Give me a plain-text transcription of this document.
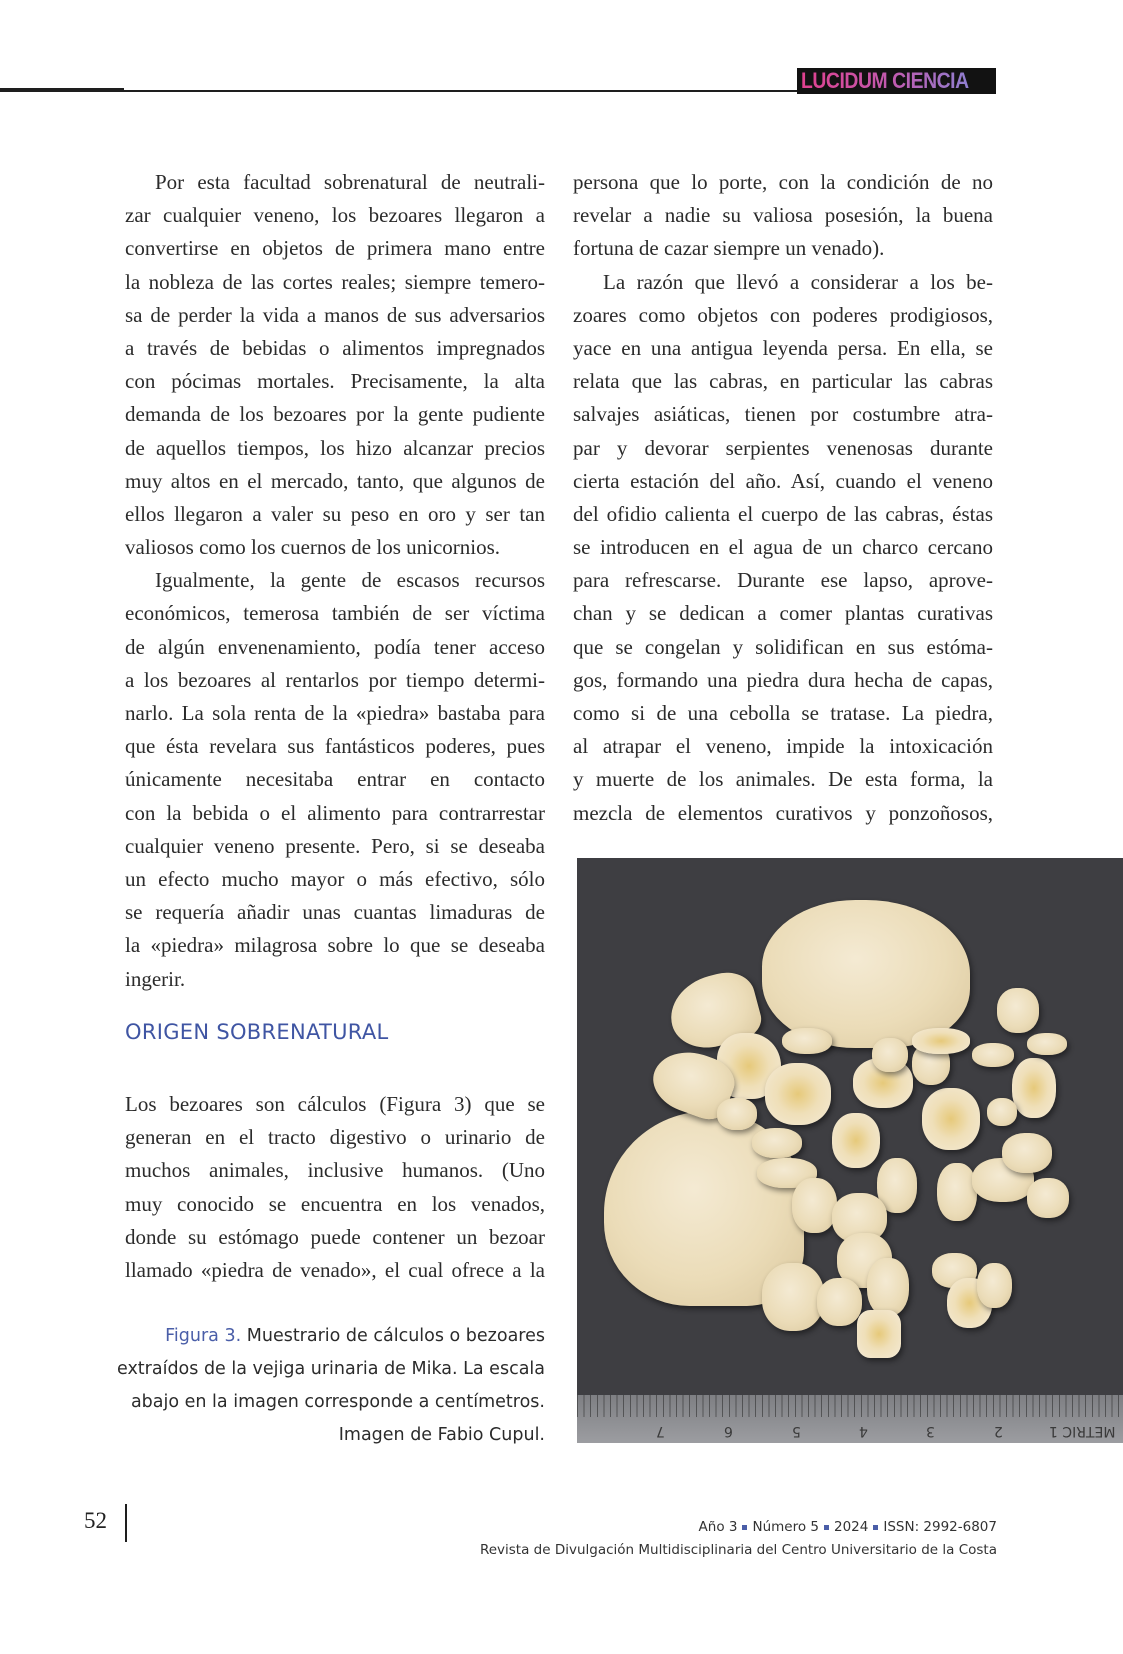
LUCIDUM CIENCIA
Por esta facultad sobrenatural de neutrali-
zar cualquier veneno, los bezoares llegaron a
convertirse en objetos de primera mano entre
la nobleza de las cortes reales; siempre temero-
sa de perder la vida a manos de sus adversarios
a través de bebidas o alimentos impregnados
con pócimas mortales. Precisamente, la alta
demanda de los bezoares por la gente pudiente
de aquellos tiempos, los hizo alcanzar precios
muy altos en el mercado, tanto, que algunos de
ellos llegaron a valer su peso en oro y ser tan
valiosos como los cuernos de los unicornios.
Igualmente, la gente de escasos recursos
económicos, temerosa también de ser víctima
de algún envenenamiento, podía tener acceso
a los bezoares al rentarlos por tiempo determi-
narlo. La sola renta de la «piedra» bastaba para
que ésta revelara sus fantásticos poderes, pues
únicamente necesitaba entrar en contacto
con la bebida o el alimento para contrarrestar
cualquier veneno presente. Pero, si se deseaba
un efecto mucho mayor o más efectivo, sólo
se requería añadir unas cuantas limaduras de
la «piedra» milagrosa sobre lo que se deseaba
ingerir.
ORIGEN SOBRENATURAL
Los bezoares son cálculos (Figura 3) que se
generan en el tracto digestivo o urinario de
muchos animales, inclusive humanos. (Uno
muy conocido se encuentra en los venados,
donde su estómago puede contener un bezoar
llamado «piedra de venado», el cual ofrece a la
persona que lo porte, con la condición de no
revelar a nadie su valiosa posesión, la buena
fortuna de cazar siempre un venado).
La razón que llevó a considerar a los be-
zoares como objetos con poderes prodigiosos,
yace en una antigua leyenda persa. En ella, se
relata que las cabras, en particular las cabras
salvajes asiáticas, tienen por costumbre atra-
par y devorar serpientes venenosas durante
cierta estación del año. Así, cuando el veneno
del ofidio calienta el cuerpo de las cabras, éstas
se introducen en el agua de un charco cercano
para refrescarse. Durante ese lapso, aprove-
chan y se dedican a comer plantas curativas
que se congelan y solidifican en sus estóma-
gos, formando una piedra dura hecha de capas,
como si de una cebolla se tratase. La piedra,
al atrapar el veneno, impide la intoxicación
y muerte de los animales. De esta forma, la
mezcla de elementos curativos y ponzoñosos,
Figura 3. Muestrario de cálculos o bezoares
extraídos de la vejiga urinaria de Mika. La escala
abajo en la imagen corresponde a centímetros.
Imagen de Fabio Cupul.	METRIC 1
2
3
4
5
6
7
52	Año 3 Número 5 2024 ISSN: 2992-6807
Revista de Divulgación Multidisciplinaria del Centro Universitario de la Costa
